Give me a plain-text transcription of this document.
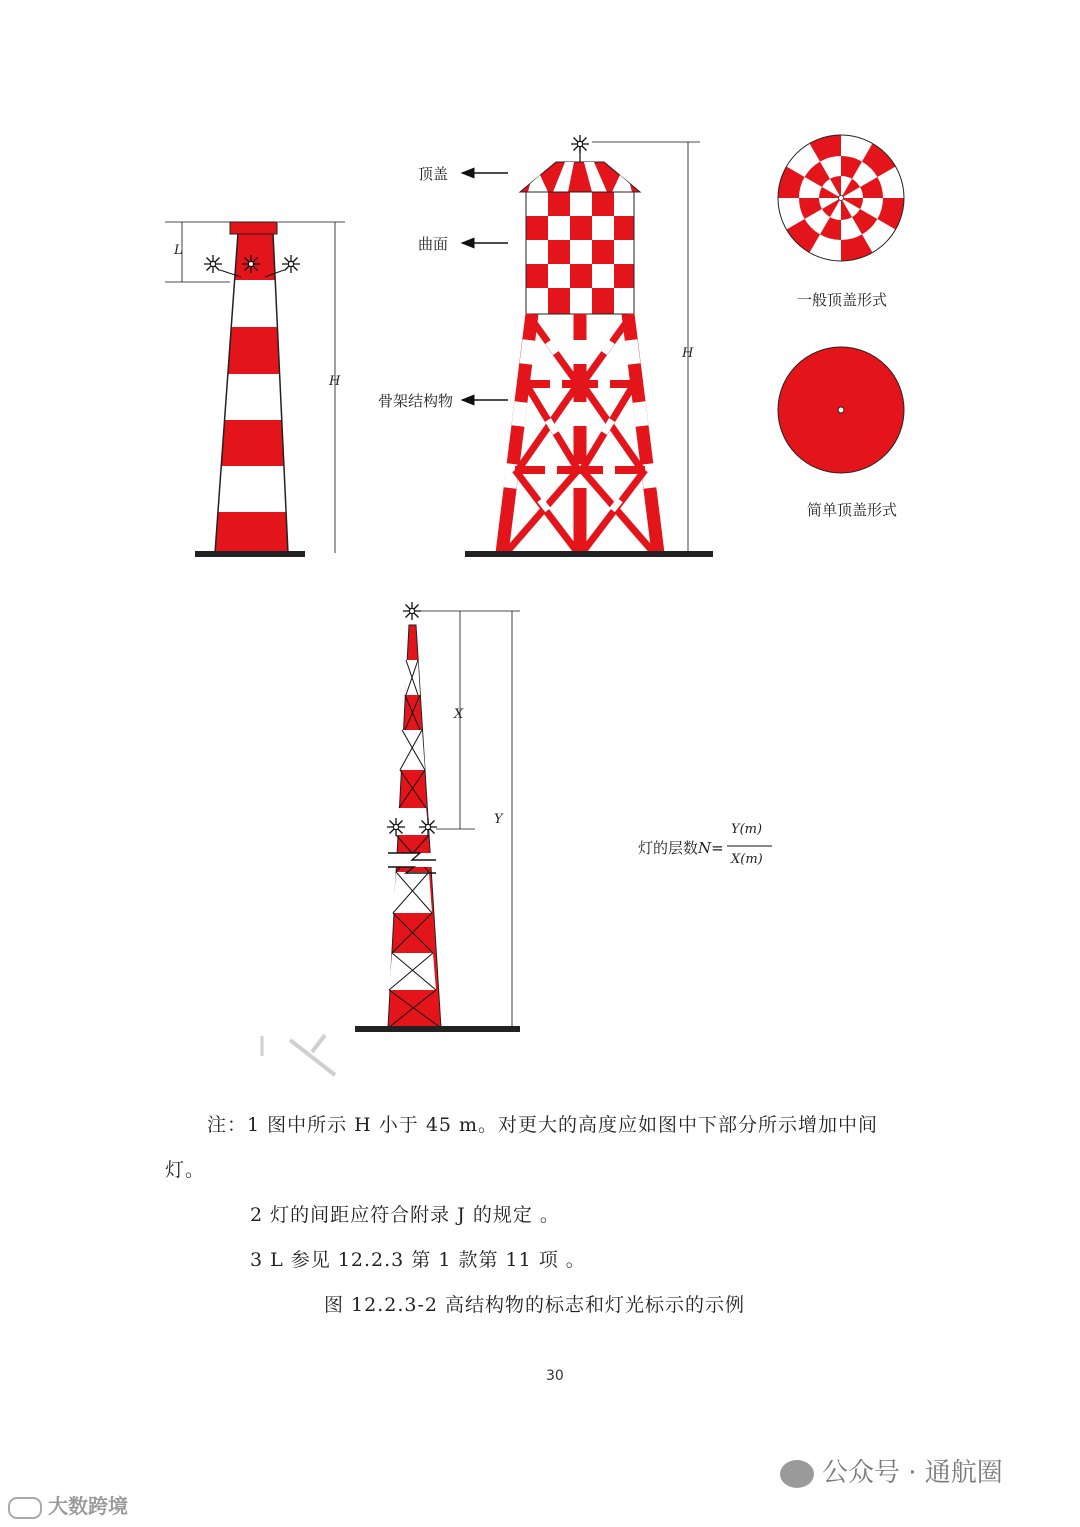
顶盖
曲面
骨架结构物
一般顶盖形式
简单顶盖形式
L
H
H
X
Y
灯的层数N=
Y(m)
X(m)
注：1 图中所示 H 小于 45 m。对更大的高度应如图中下部分所示增加中间
灯。
2 灯的间距应符合附录 J 的规定 。
3 L 参见 12.2.3 第 1 款第 11 项 。
图 12.2.3-2 高结构物的标志和灯光标示的示例
30
大数跨境
公众号 · 通航圈
